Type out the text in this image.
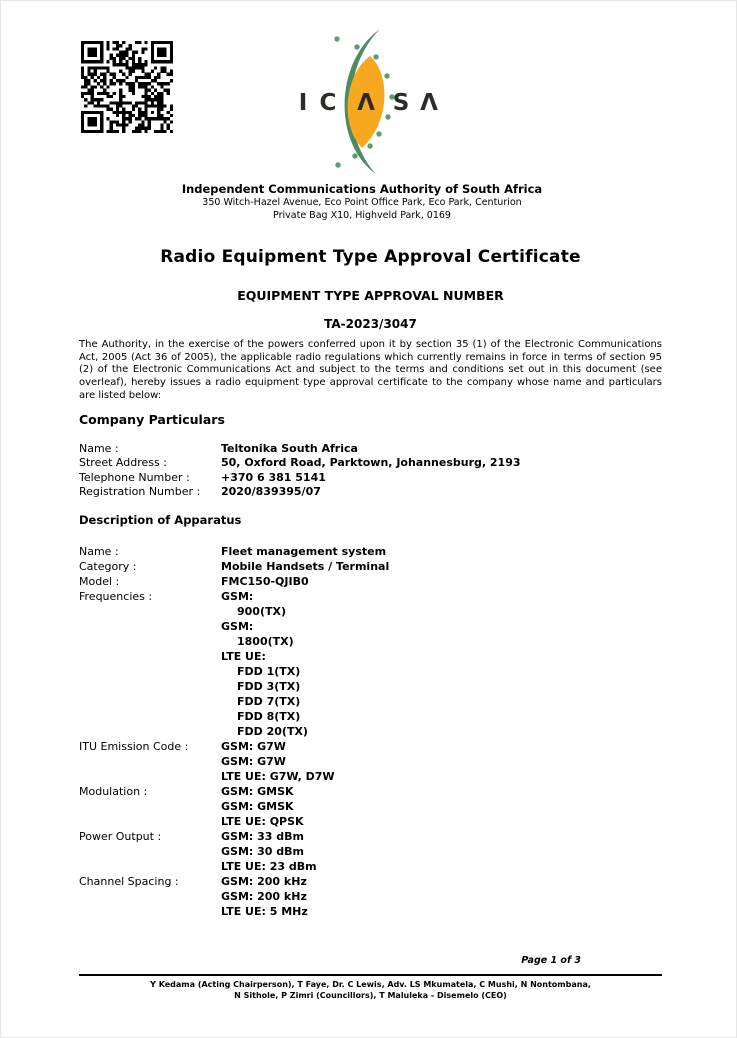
I C Λ S Λ
Independent Communications Authority of South Africa
350 Witch-Hazel Avenue, Eco Point Office Park, Eco Park, Centurion
Private Bag X10, Highveld Park, 0169
Radio Equipment Type Approval Certificate
EQUIPMENT TYPE APPROVAL NUMBER
TA-2023/3047

The Authority, in the exercise of the powers conferred upon it by section 35 (1) of the Electronic Communications Act, 2005 (Act 36 of 2005), the applicable radio regulations which currently remains in force in terms of section 95 (2) of the Electronic Communications Act and subject to the terms and conditions set out in this document (see overleaf), hereby issues a radio equipment type approval certificate to the company whose name and particulars are listed below:

Company Particulars
Name :	Teltonika South Africa
Street Address :	50, Oxford Road, Parktown, Johannesburg, 2193
Telephone Number :	+370 6 381 5141
Registration Number :	2020/839395/07
Description of Apparatus
Name :	Fleet management system
Category :	Mobile Handsets / Terminal
Model :	FMC150-QJIB0
Frequencies :	GSM:
900(TX)
GSM:
1800(TX)
LTE UE:
FDD 1(TX)
FDD 3(TX)
FDD 7(TX)
FDD 8(TX)
FDD 20(TX)
ITU Emission Code :	GSM: G7W
GSM: G7W
LTE UE: G7W, D7W
Modulation :	GSM: GMSK
GSM: GMSK
LTE UE: QPSK
Power Output :	GSM: 33 dBm
GSM: 30 dBm
LTE UE: 23 dBm
Channel Spacing :	GSM: 200 kHz
GSM: 200 kHz
LTE UE: 5 MHz
Page 1 of 3
Y Kedama (Acting Chairperson), T Faye, Dr. C Lewis, Adv. LS Mkumatela, C Mushi, N Nontombana,
N Sithole, P Zimri (Councillors), T Maluleka - Disemelo (CEO)
